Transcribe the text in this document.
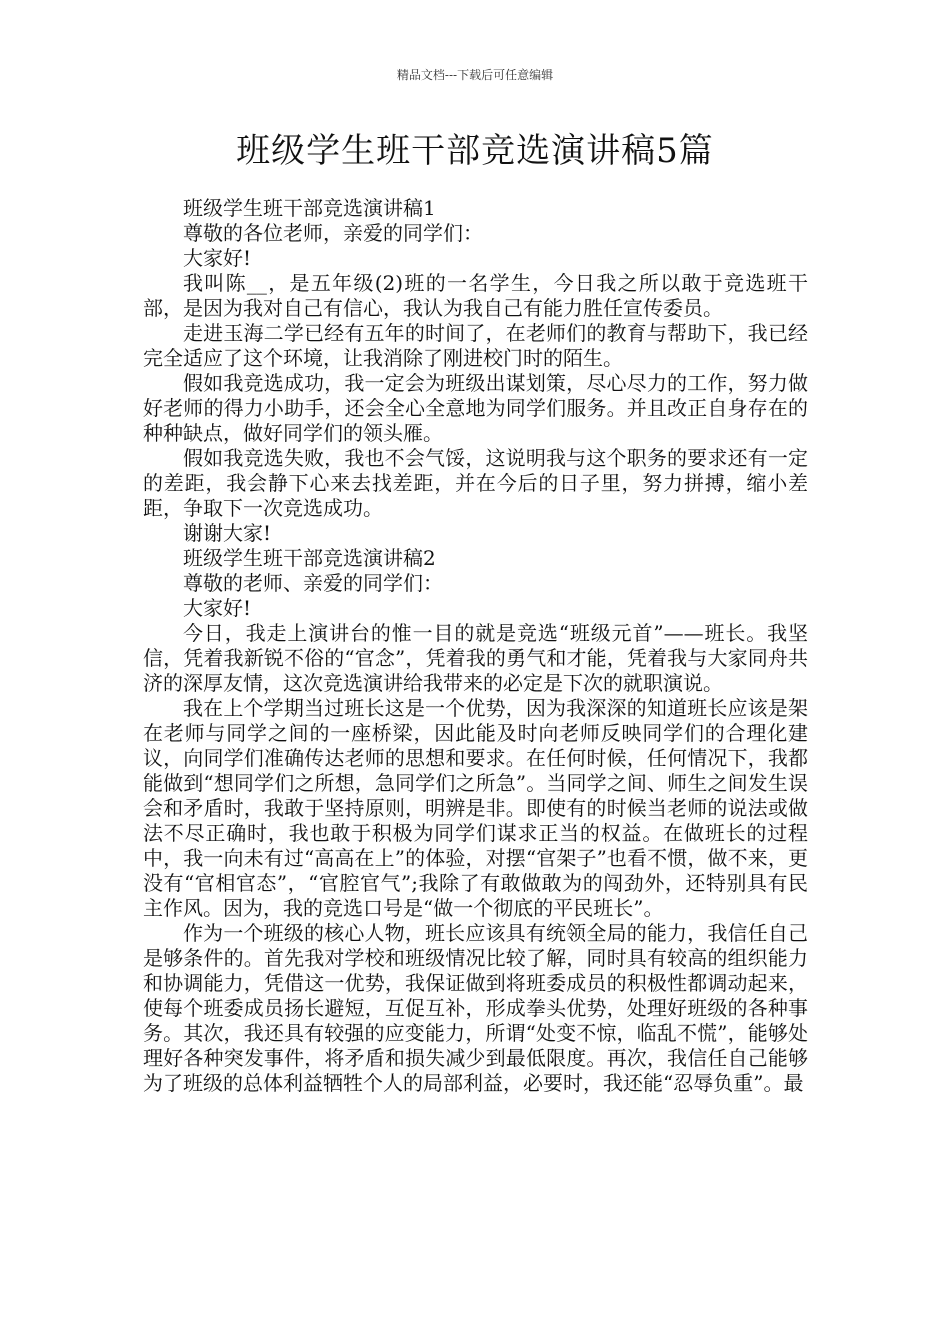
精品文档---下载后可任意编辑
班级学生班干部竞选演讲稿5篇

班级学生班干部竞选演讲稿1

尊敬的各位老师，亲爱的同学们：

大家好!

我叫陈__，是五年级(2)班的一名学生，今日我之所以敢于竞选班干部，是因为我对自己有信心，我认为我自己有能力胜任宣传委员。

走进玉海二学已经有五年的时间了，在老师们的教育与帮助下，我已经完全适应了这个环境，让我消除了刚进校门时的陌生。

假如我竞选成功，我一定会为班级出谋划策，尽心尽力的工作，努力做好老师的得力小助手，还会全心全意地为同学们服务。并且改正自身存在的种种缺点，做好同学们的领头雁。

假如我竞选失败，我也不会气馁，这说明我与这个职务的要求还有一定的差距，我会静下心来去找差距，并在今后的日子里，努力拼搏，缩小差距，争取下一次竞选成功。

谢谢大家!

班级学生班干部竞选演讲稿2

尊敬的老师、亲爱的同学们：

大家好!

今日，我走上演讲台的惟一目的就是竞选“班级元首”——班长。我坚信，凭着我新锐不俗的“官念”，凭着我的勇气和才能，凭着我与大家同舟共济的深厚友情，这次竞选演讲给我带来的必定是下次的就职演说。

我在上个学期当过班长这是一个优势，因为我深深的知道班长应该是架在老师与同学之间的一座桥梁，因此能及时向老师反映同学们的合理化建议，向同学们准确传达老师的思想和要求。在任何时候，任何情况下，我都能做到“想同学们之所想，急同学们之所急”。当同学之间、师生之间发生误会和矛盾时，我敢于坚持原则，明辨是非。即使有的时候当老师的说法或做法不尽正确时，我也敢于积极为同学们谋求正当的权益。在做班长的过程中，我一向未有过“高高在上”的体验，对摆“官架子”也看不惯，做不来，更没有“官相官态”，“官腔官气”;我除了有敢做敢为的闯劲外，还特别具有民主作风。因为，我的竞选口号是“做一个彻底的平民班长”。

作为一个班级的核心人物，班长应该具有统领全局的能力，我信任自己是够条件的。首先我对学校和班级情况比较了解，同时具有较高的组织能力和协调能力，凭借这一优势，我保证做到将班委成员的积极性都调动起来，使每个班委成员扬长避短，互促互补，形成拳头优势，处理好班级的各种事务。其次，我还具有较强的应变能力，所谓“处变不惊，临乱不慌”，能够处理好各种突发事件，将矛盾和损失减少到最低限度。再次，我信任自己能够为了班级的总体利益牺牲个人的局部利益，必要时，我还能“忍辱负重”。最
